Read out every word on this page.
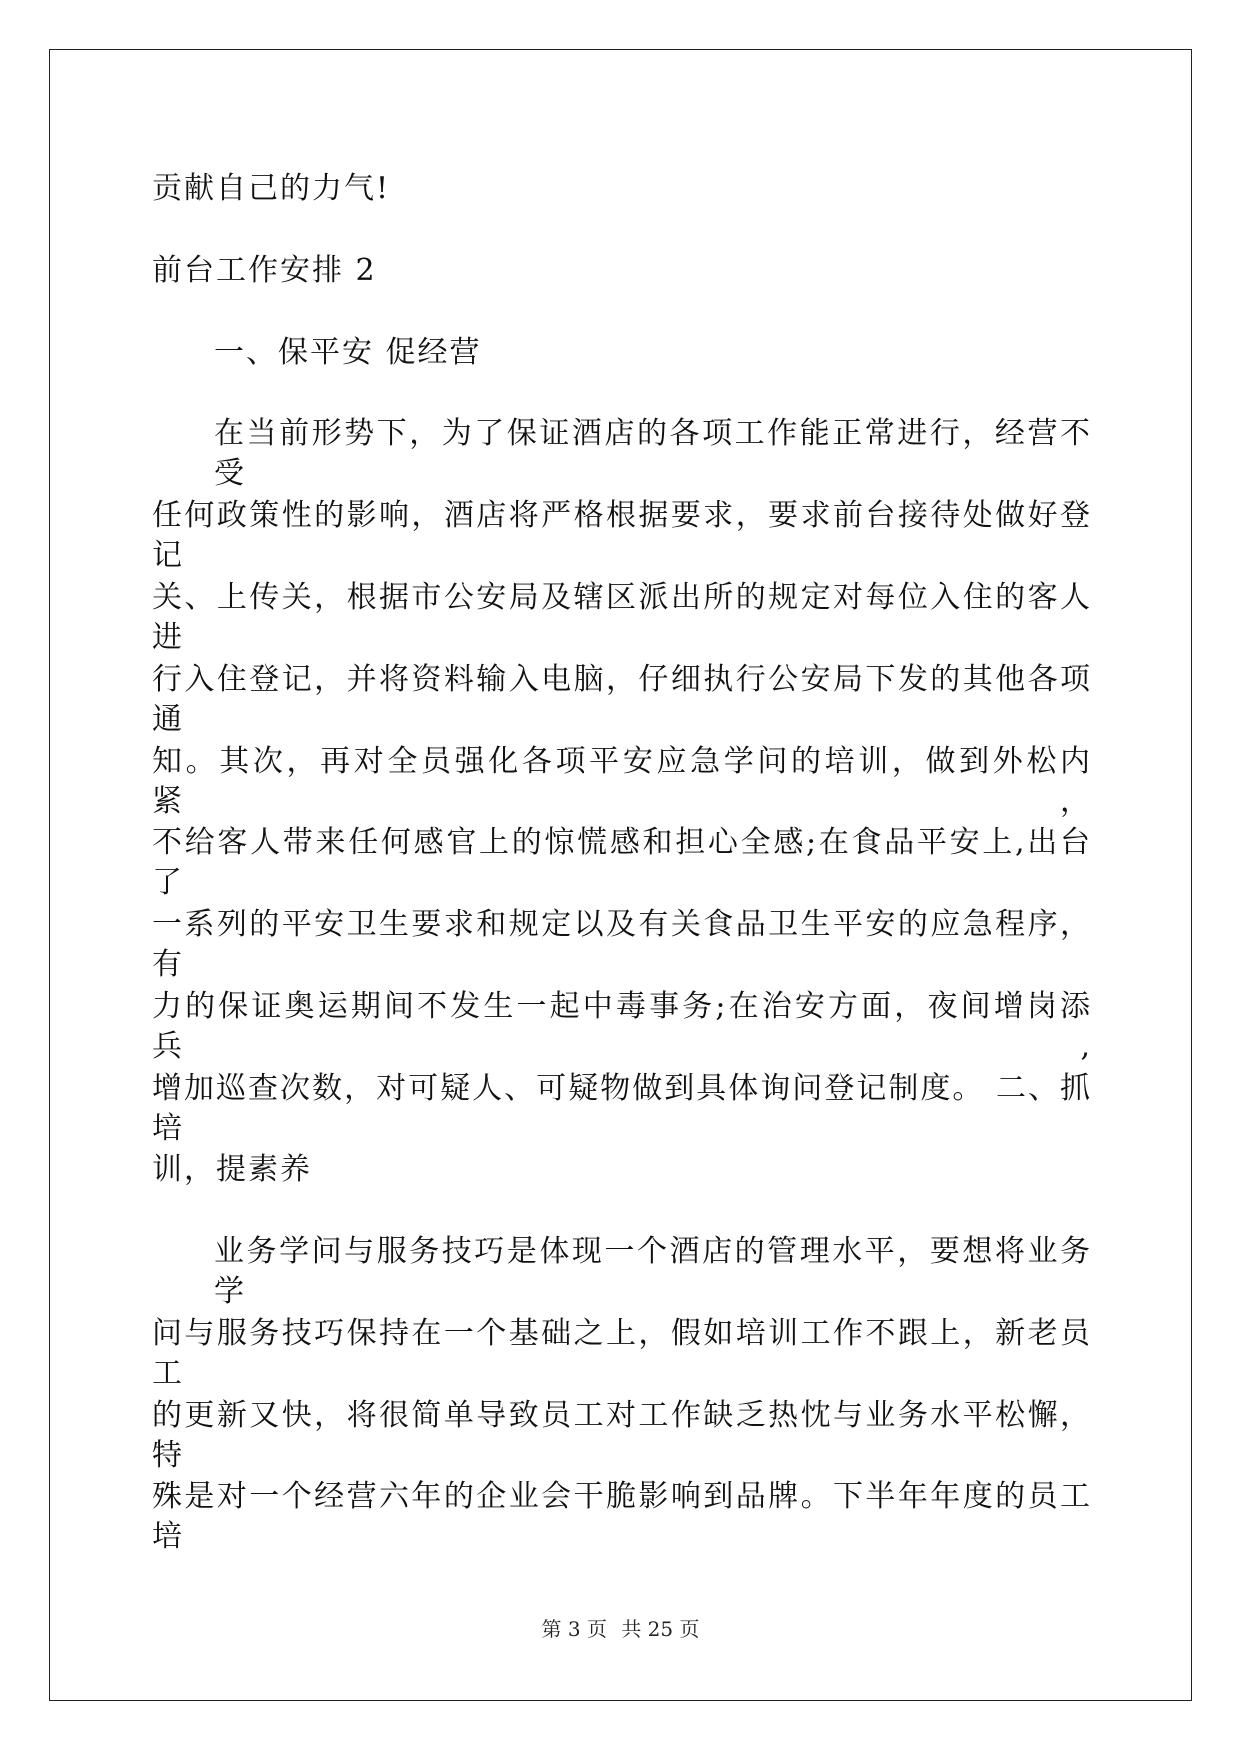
贡献自己的力气!
前台工作安排 2
一、保平安 促经营
在当前形势下，为了保证酒店的各项工作能正常进行，经营不受
任何政策性的影响，酒店将严格根据要求，要求前台接待处做好登记
关、上传关，根据市公安局及辖区派出所的规定对每位入住的客人进
行入住登记，并将资料输入电脑，仔细执行公安局下发的其他各项通
知。其次，再对全员强化各项平安应急学问的培训，做到外松内紧，
不给客人带来任何感官上的惊慌感和担心全感;在食品平安上,出台了
一系列的平安卫生要求和规定以及有关食品卫生平安的应急程序，有
力的保证奥运期间不发生一起中毒事务;在治安方面，夜间增岗添兵,
增加巡查次数，对可疑人、可疑物做到具体询问登记制度。 二、抓培
训，提素养
业务学问与服务技巧是体现一个酒店的管理水平，要想将业务学
问与服务技巧保持在一个基础之上，假如培训工作不跟上，新老员工
的更新又快，将很简单导致员工对工作缺乏热忱与业务水平松懈，特
殊是对一个经营六年的企业会干脆影响到品牌。下半年年度的员工培
第 3 页 共 25 页
